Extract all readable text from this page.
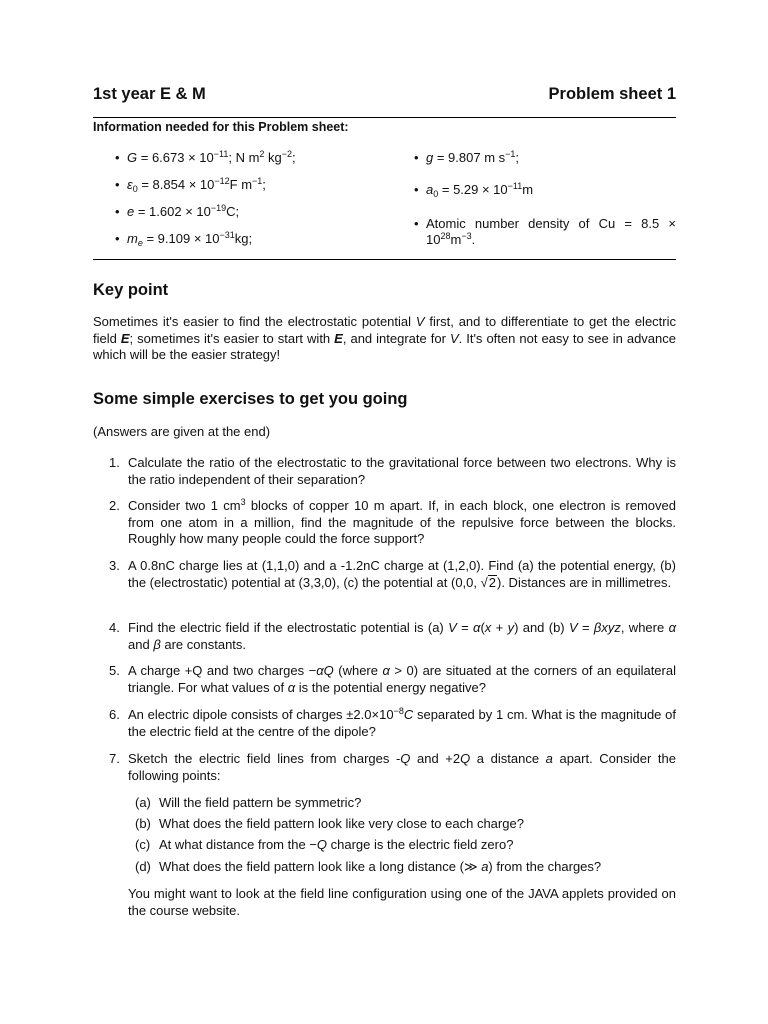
1st year E & M	Problem sheet 1
Information needed for this Problem sheet:
• $G = 6.673 \times 10^{-11}$; N $m^2$ $kg^{-2}$;
• $\varepsilon_0 = 8.854 \times 10^{-12}F$ $m^{-1}$;
• $e = 1.602 \times 10^{-19}C$;
• $m_e = 9.109 \times 10^{-31}kg$;
• g = 9.807 m $s^{-1}$;
• $a_0 = 5.29 \times 10^{-11}m$
• Atomic number density of Cu = 8.5 ×
$10^{28}m^{-3}$.
Key point
Sometimes it's easier to find the electrostatic potential V first, and to differentiate to get the electric field E; sometimes it's easier to start with E, and integrate for V. It's often not easy to see in advance which will be the easier strategy!
Some simple exercises to get you going
(Answers are given at the end)
1. Calculate the ratio of the electrostatic to the gravitational force between two electrons. Why is the ratio independent of their separation?
2. Consider two 1 $cm^3$ blocks of copper 10 m apart. If, in each block, one electron is removed from one atom in a million, find the magnitude of the repulsive force between the blocks. Roughly how many people could the force support?
3. A 0.8nC charge lies at (1,1,0) and a -1.2nC charge at (1,2,0). Find (a) the potential energy, (b) the (electrostatic) potential at (3,3,0), (c) the potential at (0,0, √2). Distances are in millimetres.
4. Find the electric field if the electrostatic potential is (a) V = α(x + y) and (b) V = βxyz, where α and β are constants.
5. A charge +Q and two charges −αQ (where α > 0) are situated at the corners of an equilateral triangle. For what values of α is the potential energy negative?
6. An electric dipole consists of charges $\pm 2.0\times 10^{-8}C$ separated by 1 cm. What is the magnitude of the electric field at the centre of the dipole?
7. Sketch the electric field lines from charges -Q and +2Q a distance a apart. Consider the following points:
(a) Will the field pattern be symmetric?
(b) What does the field pattern look like very close to each charge?
(c) At what distance from the −Q charge is the electric field zero?
(d) What does the field pattern look like a long distance (≫ a) from the charges?
You might want to look at the field line configuration using one of the JAVA applets provided on the course website.
